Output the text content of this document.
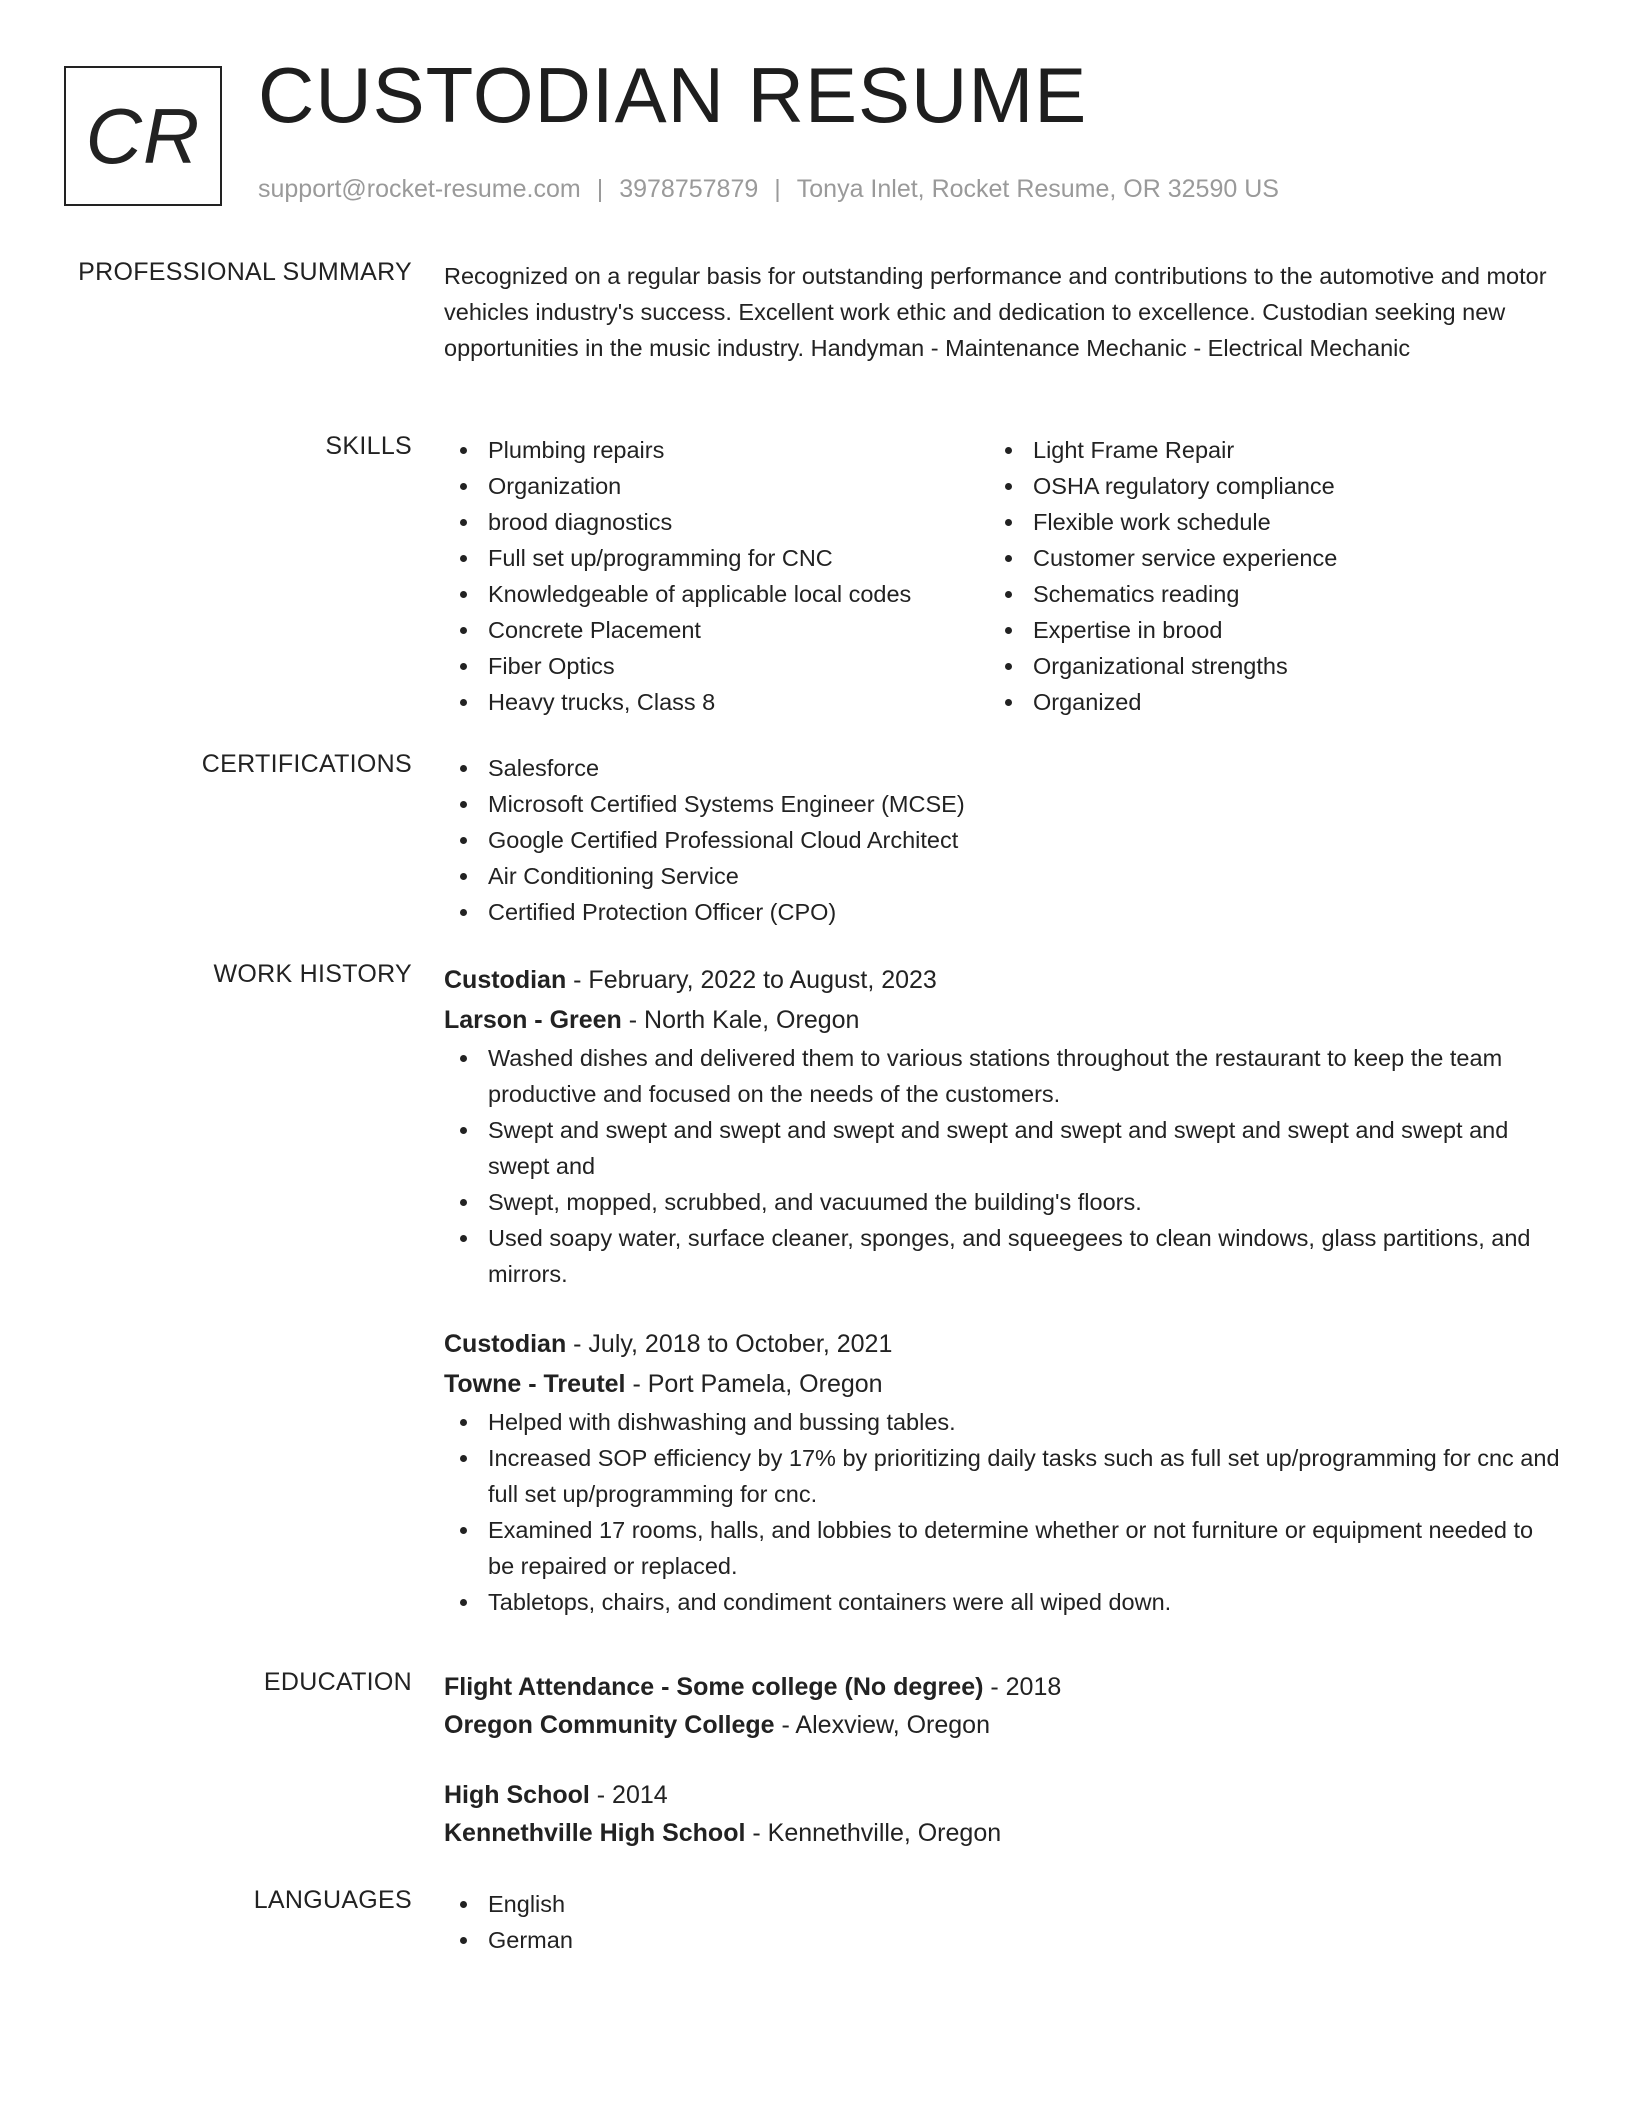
CR CUSTODIAN RESUME
support@rocket-resume.com | 3978757879 | Tonya Inlet, Rocket Resume, OR 32590 US
PROFESSIONAL SUMMARY Recognized on a regular basis for outstanding performance and contributions to the automotive and motor vehicles industry's success. Excellent work ethic and dedication to excellence. Custodian seeking new opportunities in the music industry. Handyman - Maintenance Mechanic - Electrical Mechanic

SKILLS	Plumbing repairs
Organization
brood diagnostics
Full set up/programming for CNC
Knowledgeable of applicable local codes
Concrete Placement
Fiber Optics
Heavy trucks, Class 8
Light Frame Repair
OSHA regulatory compliance
Flexible work schedule
Customer service experience
Schematics reading
Expertise in brood
Organizational strengths
Organized
CERTIFICATIONS	Salesforce
Microsoft Certified Systems Engineer (MCSE)
Google Certified Professional Cloud Architect
Air Conditioning Service
Certified Protection Officer (CPO)
WORK HISTORY Custodian - February, 2022 to August, 2023
Larson - Green - North Kale, Oregon
Washed dishes and delivered them to various stations throughout the restaurant to keep the team productive and focused on the needs of the customers.
Swept and swept and swept and swept and swept and swept and swept and swept and swept and swept and
Swept, mopped, scrubbed, and vacuumed the building's floors.
Used soapy water, surface cleaner, sponges, and squeegees to clean windows, glass partitions, and mirrors.
Custodian - July, 2018 to October, 2021
Towne - Treutel - Port Pamela, Oregon
Helped with dishwashing and bussing tables.
Increased SOP efficiency by 17% by prioritizing daily tasks such as full set up/programming for cnc and full set up/programming for cnc.
Examined 17 rooms, halls, and lobbies to determine whether or not furniture or equipment needed to be repaired or replaced.
Tabletops, chairs, and condiment containers were all wiped down.
EDUCATION Flight Attendance - Some college (No degree) - 2018
Oregon Community College - Alexview, Oregon
High School - 2014
Kennethville High School - Kennethville, Oregon
LANGUAGES	English
German
